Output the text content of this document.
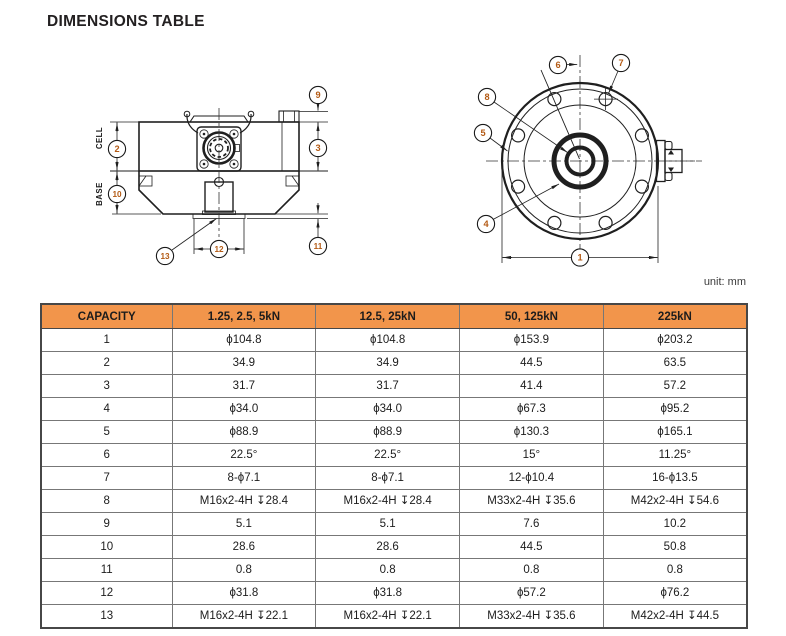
DIMENSIONS TABLE
CELL
BASE
9
2	3
10
11
12
13
6	7
8
5
4
1
unit: mm
CAPACITY	1.25, 2.5, 5kN	12.5, 25kN	50, 125kN	225kN
1	ϕ104.8	ϕ104.8	ϕ153.9	ϕ203.2
2	34.9	34.9	44.5	63.5
3	31.7	31.7	41.4	57.2
4	ϕ34.0	ϕ34.0	ϕ67.3	ϕ95.2
5	ϕ88.9	ϕ88.9	ϕ130.3	ϕ165.1
6	22.5°	22.5°	15°	11.25°
7	8-ϕ7.1	8-ϕ7.1	12-ϕ10.4	16-ϕ13.5
8	M16x2-4H ↧28.4	M16x2-4H ↧28.4	M33x2-4H ↧35.6	M42x2-4H ↧54.6
9	5.1	5.1	7.6	10.2
10	28.6	28.6	44.5	50.8
11	0.8	0.8	0.8	0.8
12	ϕ31.8	ϕ31.8	ϕ57.2	ϕ76.2
13	M16x2-4H ↧22.1	M16x2-4H ↧22.1	M33x2-4H ↧35.6	M42x2-4H ↧44.5
